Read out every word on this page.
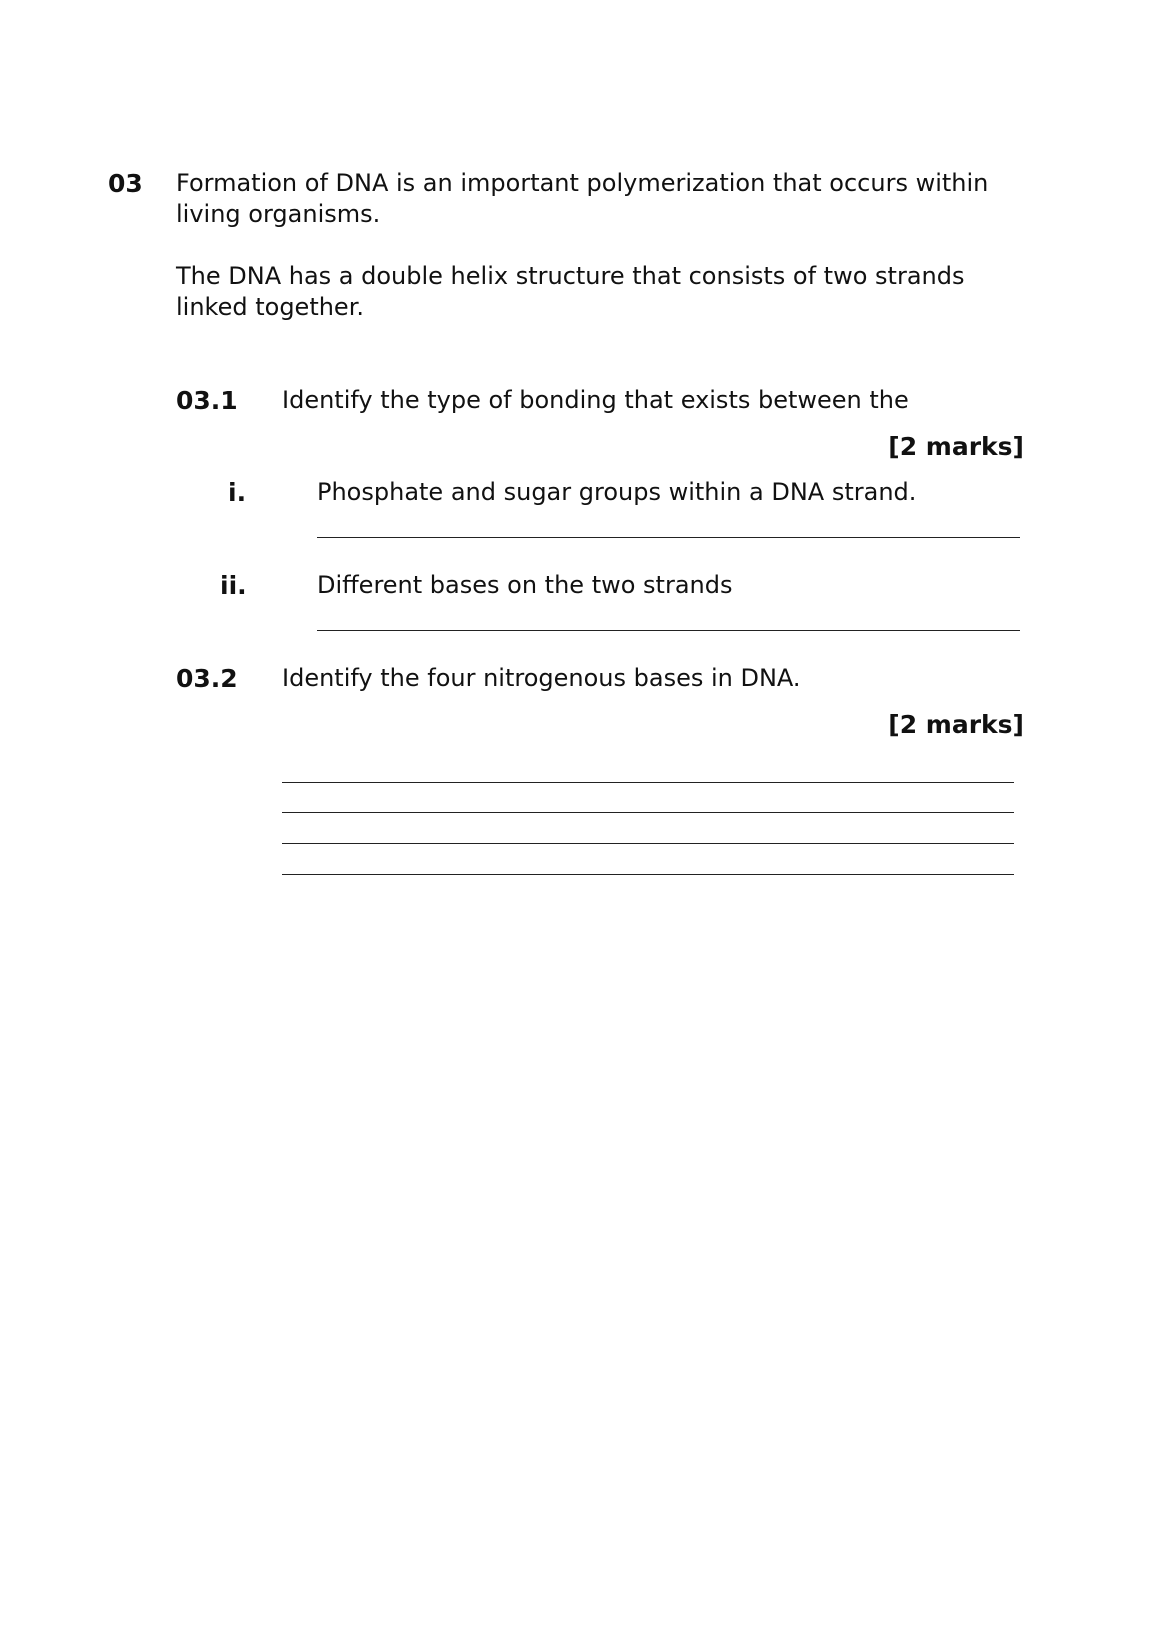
03 Formation of DNA is an important polymerization that occurs within
living organisms.
The DNA has a double helix structure that consists of two strands
linked together.
03.1 Identify the type of bonding that exists between the
[2 marks]
i.	Phosphate and sugar groups within a DNA strand.
ii.	Different bases on the two strands
03.2 Identify the four nitrogenous bases in DNA.
[2 marks]
